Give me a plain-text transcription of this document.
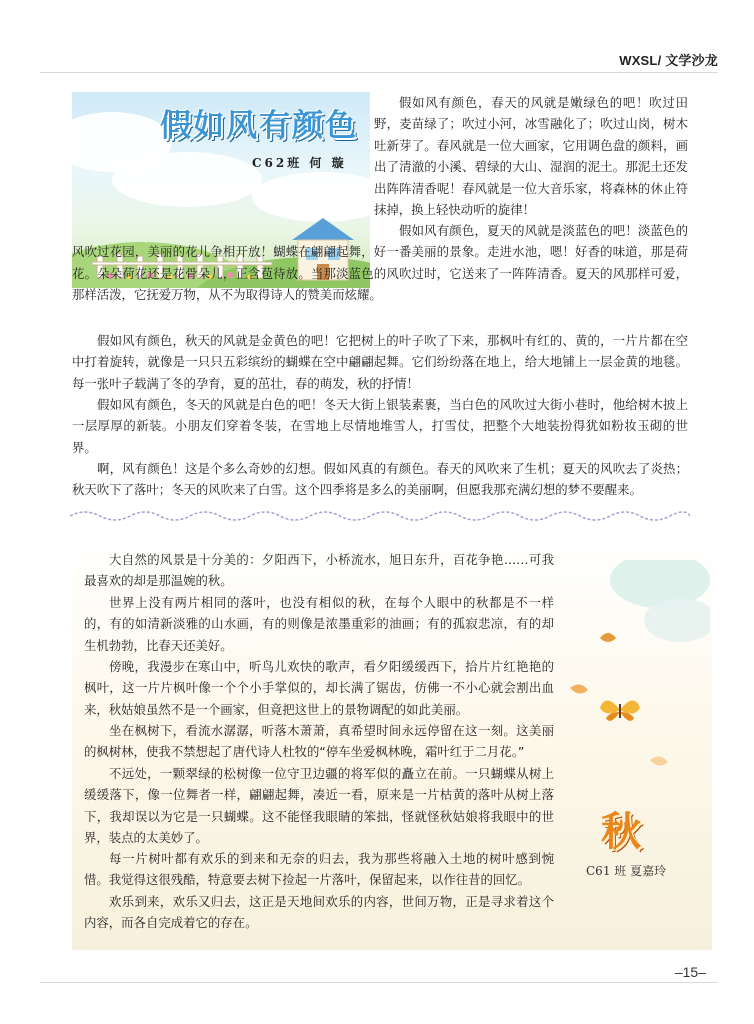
WXSL/ 文学沙龙
假如风有颜色
C62班 何 璇

假如风有颜色，春天的风就是嫩绿色的吧！吹过田野，麦苗绿了；吹过小河，冰雪融化了；吹过山岗，树木吐新芽了。春风就是一位大画家，它用调色盘的颜料，画出了清澈的小溪、碧绿的大山、湿润的泥土。那泥土还发出阵阵清香呢！春风就是一位大音乐家，将森林的休止符抹掉，换上轻快动听的旋律！

假如风有颜色，夏天的风就是淡蓝色的吧！淡蓝色的风吹过花园，美丽的花儿争相开放！蝴蝶在翩翩起舞，好一番美丽的景象。走进水池，嗯！好香的味道，那是荷花。朵朵荷花还是花骨朵儿，正含苞待放。当那淡蓝色的风吹过时，它送来了一阵阵清香。夏天的风那样可爱，那样活泼，它抚爱万物，从不为取得诗人的赞美而炫耀。

假如风有颜色，秋天的风就是金黄色的吧！它把树上的叶子吹了下来，那枫叶有红的、黄的，一片片都在空中打着旋转，就像是一只只五彩缤纷的蝴蝶在空中翩翩起舞。它们纷纷落在地上，给大地铺上一层金黄的地毯。每一张叶子载满了冬的孕育，夏的茁壮，春的萌发，秋的抒情！

假如风有颜色，冬天的风就是白色的吧！冬天大街上银装素裹，当白色的风吹过大街小巷时，他给树木披上一层厚厚的新装。小朋友们穿着冬装，在雪地上尽情地堆雪人，打雪仗，把整个大地装扮得犹如粉妆玉砌的世界。

啊，风有颜色！这是个多么奇妙的幻想。假如风真的有颜色。春天的风吹来了生机；夏天的风吹去了炎热；秋天吹下了落叶；冬天的风吹来了白雪。这个四季将是多么的美丽啊，但愿我那充满幻想的梦不要醒来。

大自然的风景是十分美的：夕阳西下，小桥流水，旭日东升，百花争艳……可我最喜欢的却是那温婉的秋。

世界上没有两片相同的落叶，也没有相似的秋，在每个人眼中的秋都是不一样的，有的如清新淡雅的山水画，有的则像是浓墨重彩的油画；有的孤寂悲凉，有的却生机勃勃，比春天还美好。

傍晚，我漫步在寒山中，听鸟儿欢快的歌声，看夕阳缓缓西下，拾片片红艳艳的枫叶，这一片片枫叶像一个个小手掌似的，却长满了锯齿，仿佛一不小心就会割出血来，秋姑娘虽然不是一个画家，但竟把这世上的景物调配的如此美丽。

坐在枫树下，看流水潺潺，听落木萧萧，真希望时间永远停留在这一刻。这美丽的枫树林，使我不禁想起了唐代诗人杜牧的“停车坐爱枫林晚，霜叶红于二月花。”

不远处，一颗翠绿的松树像一位守卫边疆的将军似的矗立在前。一只蝴蝶从树上缓缓落下，像一位舞者一样，翩翩起舞，凑近一看，原来是一片枯黄的落叶从树上落下，我却误以为它是一只蝴蝶。这不能怪我眼睛的笨拙，怪就怪秋姑娘将我眼中的世界，装点的太美妙了。

每一片树叶都有欢乐的到来和无奈的归去，我为那些将融入土地的树叶感到惋惜。我觉得这很残酷，特意要去树下捡起一片落叶，保留起来，以作往昔的回忆。

欢乐到来，欢乐又归去，这正是天地间欢乐的内容，世间万物，正是寻求着这个内容，而各自完成着它的存在。

秋
C61 班 夏嘉玲
–15–
